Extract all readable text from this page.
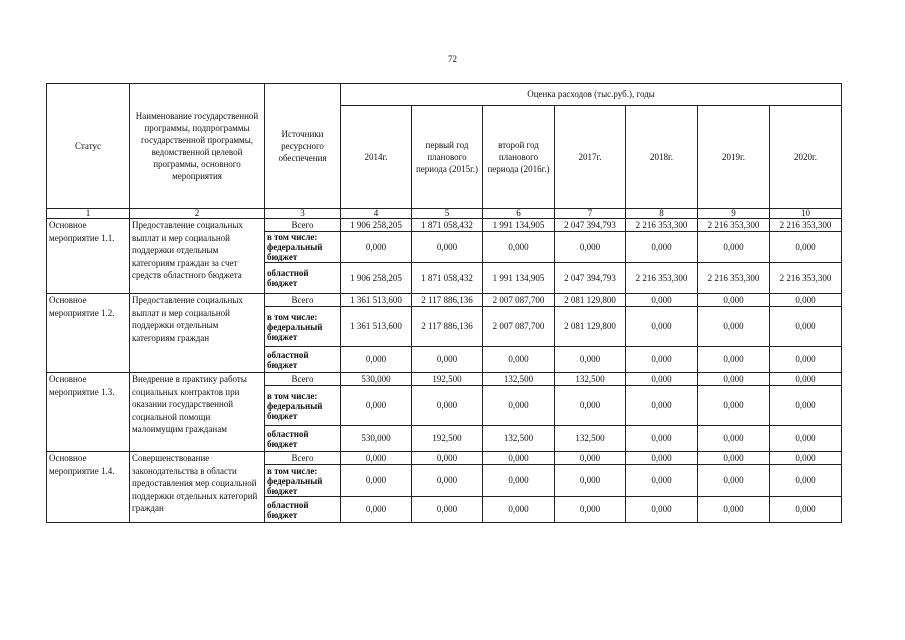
72
Статус	Наименование государственной программы, подпрограммы государственной программы, ведомственной целевой программы, основного мероприятия	Источники ресурсного обеспечения	Оценка расходов (тыс.руб.), годы						
			2014г.	первый год планового периода (2015г.)	второй год планового периода (2016г.)	2017г.	2018г.	2019г.	2020г.
1	2	3	4	5	6	7	8	9	10
Основное мероприятие 1.1.	Предоставление социальных выплат и мер социальной поддержки отдельным категориям граждан за счет средств областного бюджета	Всего	1 906 258,205	1 871 058,432	1 991 134,905	2 047 394,793	2 216 353,300	2 216 353,300	2 216 353,300
		в том числе: федеральный бюджет	0,000	0,000	0,000	0,000	0,000	0,000	0,000
		областной бюджет	1 906 258,205	1 871 058,432	1 991 134,905	2 047 394,793	2 216 353,300	2 216 353,300	2 216 353,300
Основное мероприятие 1.2.	Предоставление социальных выплат и мер социальной поддержки отдельным категориям граждан	Всего	1 361 513,600	2 117 886,136	2 007 087,700	2 081 129,800	0,000	0,000	0,000
		в том числе: федеральный бюджет	1 361 513,600	2 117 886,136	2 007 087,700	2 081 129,800	0,000	0,000	0,000
		областной бюджет	0,000	0,000	0,000	0,000	0,000	0,000	0,000
Основное мероприятие 1.3.	Внедрение в практику работы социальных контрактов при оказании государственной социальной помощи малоимущим гражданам	Всего	530,000	192,500	132,500	132,500	0,000	0,000	0,000
		в том числе: федеральный бюджет	0,000	0,000	0,000	0,000	0,000	0,000	0,000
		областной бюджет	530,000	192,500	132,500	132,500	0,000	0,000	0,000
Основное мероприятие 1.4.	Совершенствование законодательства в области предоставления мер социальной поддержки отдельных категорий граждан	Всего	0,000	0,000	0,000	0,000	0,000	0,000	0,000
		в том числе: федеральный бюджет	0,000	0,000	0,000	0,000	0,000	0,000	0,000
		областной бюджет	0,000	0,000	0,000	0,000	0,000	0,000	0,000
